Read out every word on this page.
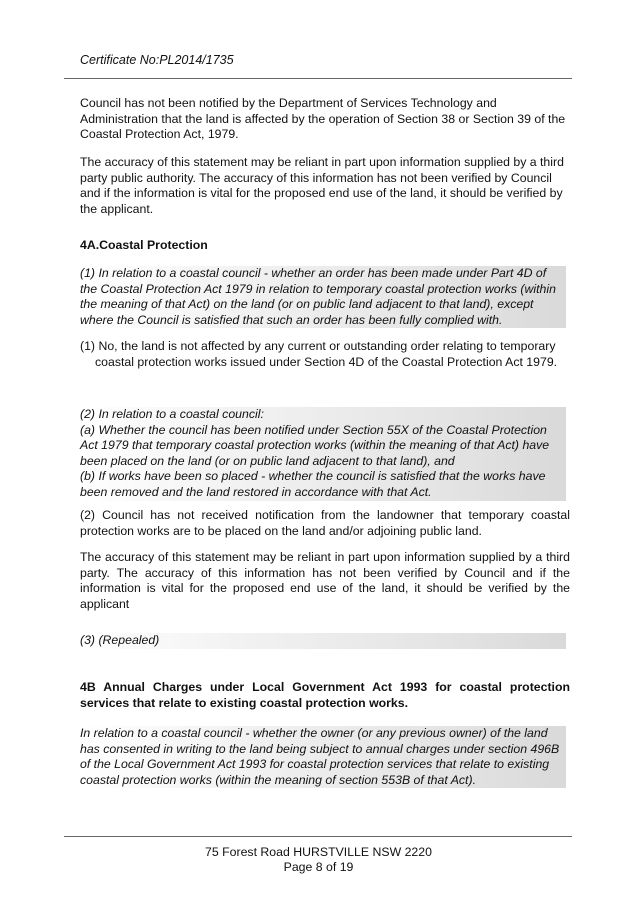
Certificate No:PL2014/1735

Council has not been notified by the Department of Services Technology and Administration that the land is affected by the operation of Section 38 or Section 39 of the Coastal Protection Act, 1979.

The accuracy of this statement may be reliant in part upon information supplied by a third party public authority. The accuracy of this information has not been verified by Council and if the information is vital for the proposed end use of the land, it should be verified by the applicant.

4A.Coastal Protection

(1) In relation to a coastal council - whether an order has been made under Part 4D of the Coastal Protection Act 1979 in relation to temporary coastal protection works (within the meaning of that Act) on the land (or on public land adjacent to that land), except where the Council is satisfied that such an order has been fully complied with.

(1) No, the land is not affected by any current or outstanding order relating to temporary coastal protection works issued under Section 4D of the Coastal Protection Act 1979.

(2) In relation to a coastal council:
(a) Whether the council has been notified under Section 55X of the Coastal Protection Act 1979 that temporary coastal protection works (within the meaning of that Act) have been placed on the land (or on public land adjacent to that land), and
(b) If works have been so placed - whether the council is satisfied that the works have been removed and the land restored in accordance with that Act.

(2) Council has not received notification from the landowner that temporary coastal protection works are to be placed on the land and/or adjoining public land.

The accuracy of this statement may be reliant in part upon information supplied by a third party. The accuracy of this information has not been verified by Council and if the information is vital for the proposed end use of the land, it should be verified by the applicant

(3) (Repealed)

4B Annual Charges under Local Government Act 1993 for coastal protection services that relate to existing coastal protection works.

In relation to a coastal council - whether the owner (or any previous owner) of the land has consented in writing to the land being subject to annual charges under section 496B of the Local Government Act 1993 for coastal protection services that relate to existing coastal protection works (within the meaning of section 553B of that Act).

75 Forest Road HURSTVILLE NSW 2220
Page 8 of 19
